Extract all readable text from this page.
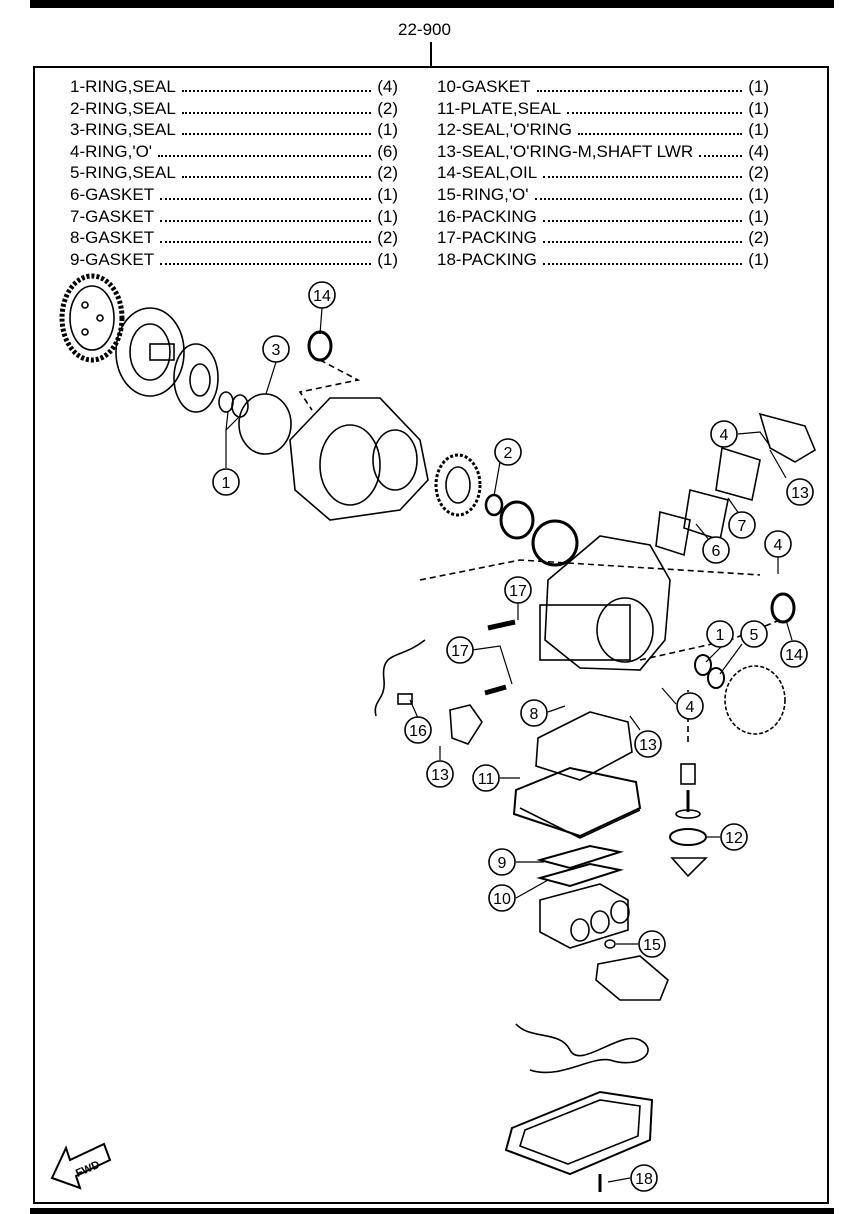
22-900
1-RING,SEAL	(4)
2-RING,SEAL	(2)
3-RING,SEAL	(1)
4-RING,'O'	(6)
5-RING,SEAL	(2)
6-GASKET	(1)
7-GASKET	(1)
8-GASKET	(2)
9-GASKET	(1)
10-GASKET	(1)
11-PLATE,SEAL	(1)
12-SEAL,'O'RING	(1)
13-SEAL,'O'RING-M,SHAFT LWR	(4)
14-SEAL,OIL	(2)
15-RING,'O'	(1)
16-PACKING	(1)
17-PACKING	(2)
18-PACKING	(1)
FWD
14
3
1
2
4
13
7
6	4
17
1 5
14
17
4
8
16
13
13 11
12
9
10
15
18
